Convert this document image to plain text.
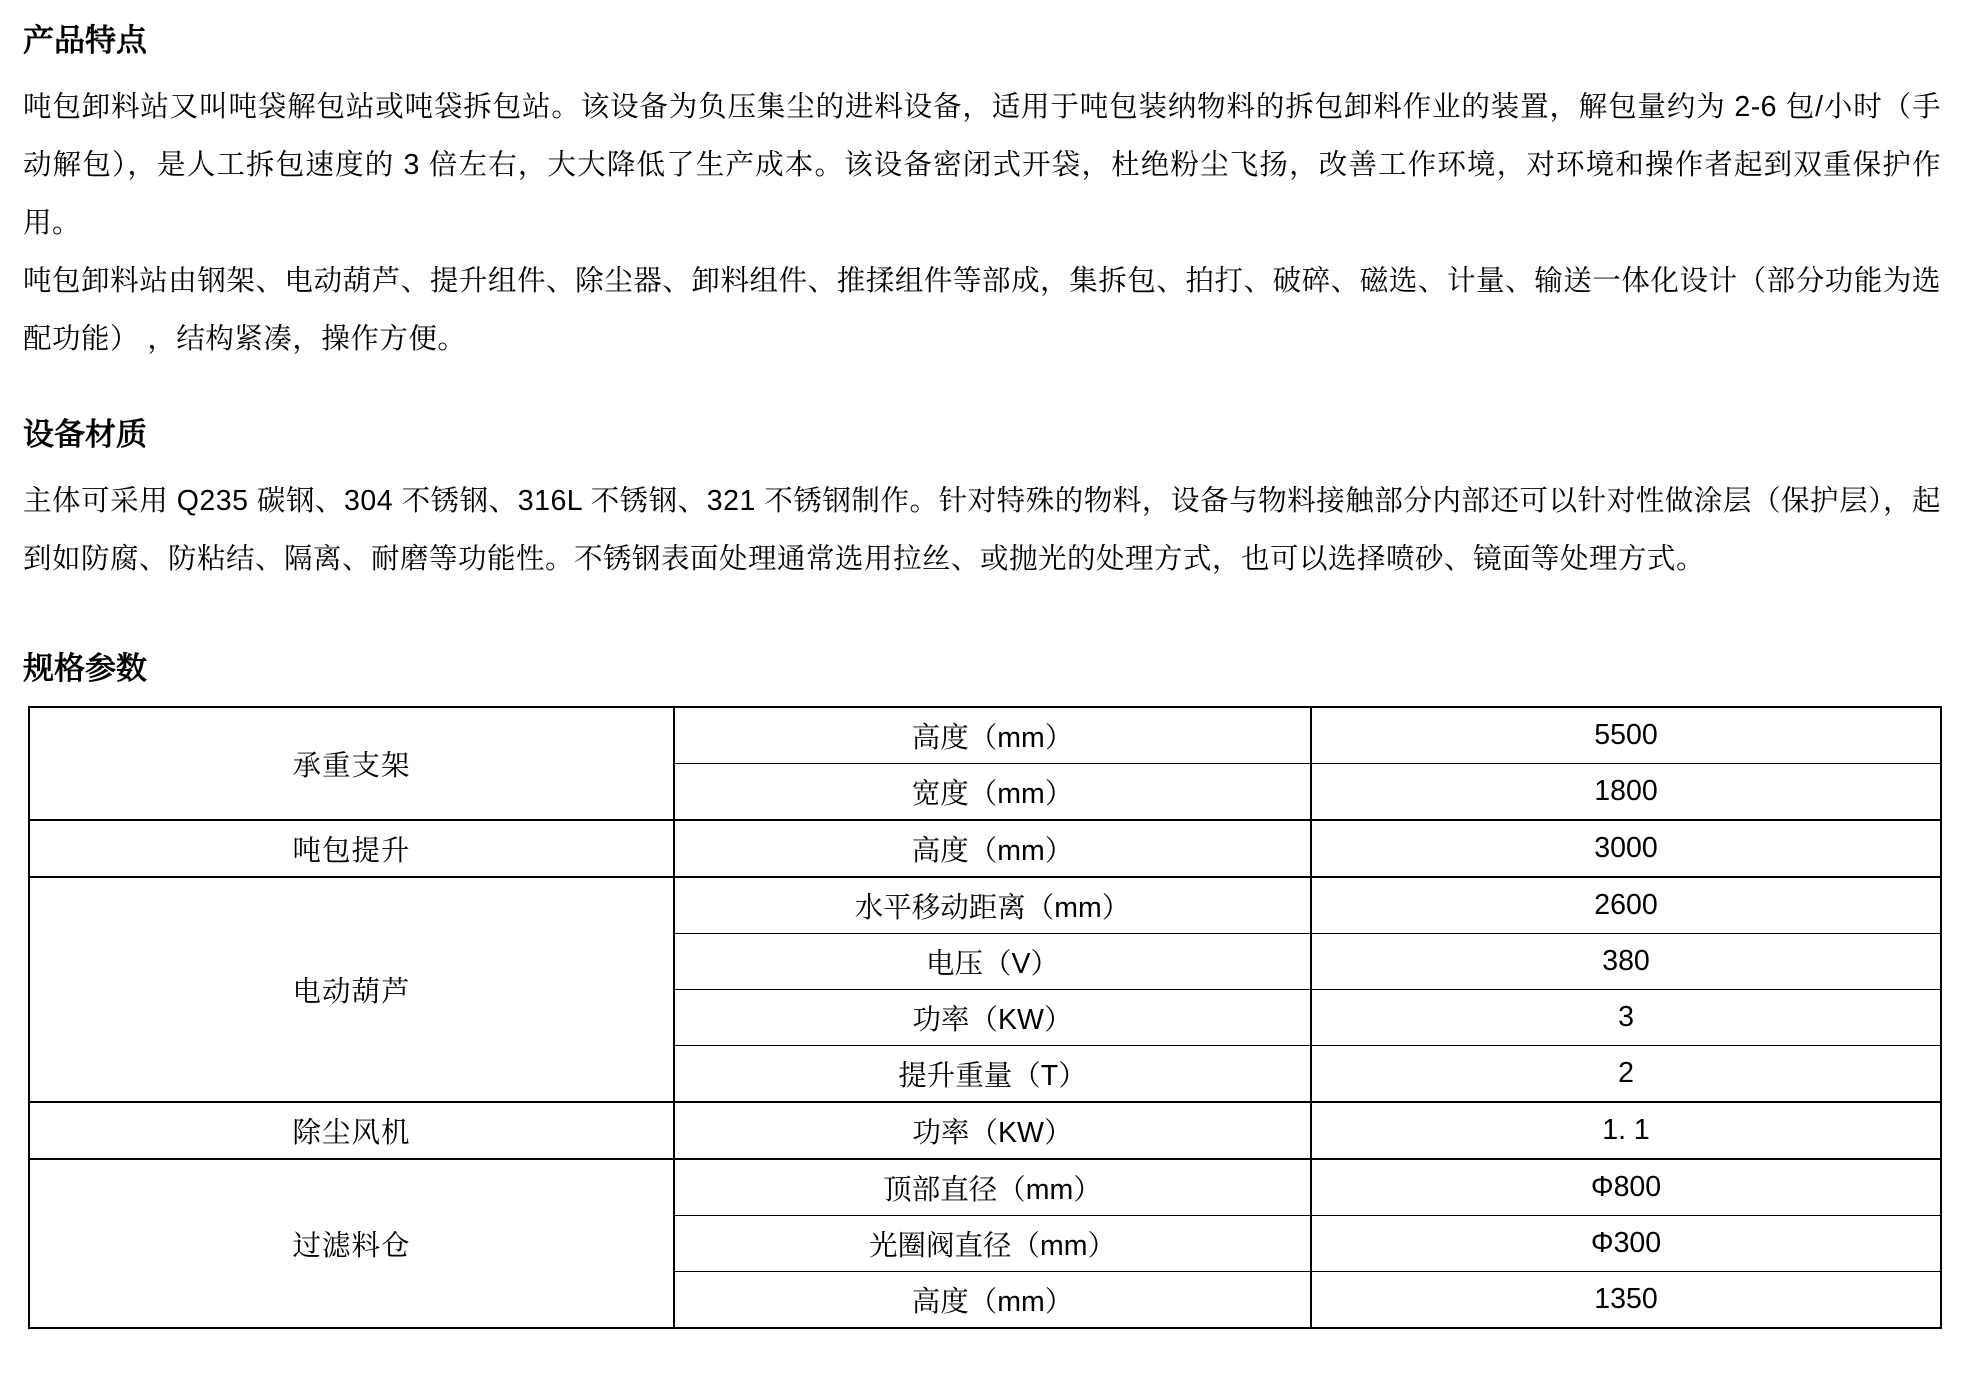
产品特点

吨包卸料站又叫吨袋解包站或吨袋拆包站。该设备为负压集尘的进料设备，适用于吨包装纳物料的拆包卸料作业的装置，解包量约为 2-6 包/小时（手动解包），是人工拆包速度的 3 倍左右，大大降低了生产成本。该设备密闭式开袋，杜绝粉尘飞扬，改善工作环境，对环境和操作者起到双重保护作用。

吨包卸料站由钢架、电动葫芦、提升组件、除尘器、卸料组件、推揉组件等部成，集拆包、拍打、破碎、磁选、计量、输送一体化设计（部分功能为选配功能） ，结构紧凑，操作方便。

设备材质

主体可采用 Q235 碳钢、304 不锈钢、316L 不锈钢、321 不锈钢制作。针对特殊的物料，设备与物料接触部分内部还可以针对性做涂层（保护层），起到如防腐、防粘结、隔离、耐磨等功能性。不锈钢表面处理通常选用拉丝、或抛光的处理方式，也可以选择喷砂、镜面等处理方式。

规格参数
承重支架	高度（mm）	5500
	宽度（mm）	1800
吨包提升	高度（mm）	3000
电动葫芦	水平移动距离（mm）	2600
	电压（V）	380
	功率（KW）	3
	提升重量（T）	2
除尘风机	功率（KW）	1. 1
过滤料仓	顶部直径（mm）	Φ800
	光圈阀直径（mm）	Φ300
	高度（mm）	1350
